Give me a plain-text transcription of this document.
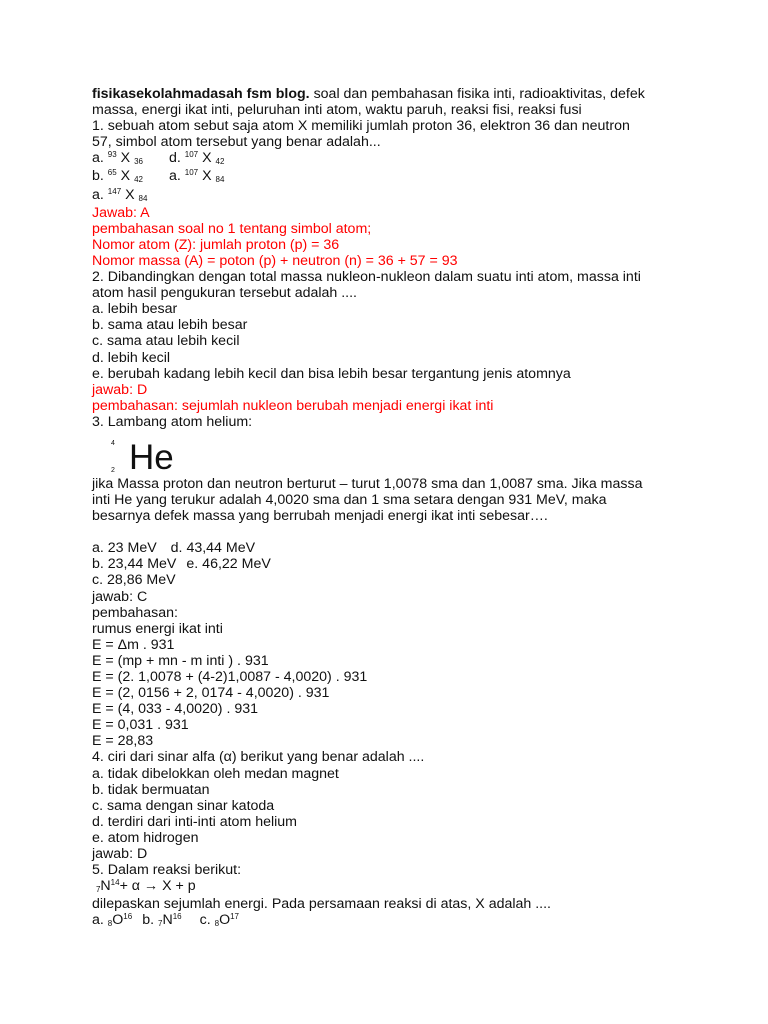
fisikasekolahmadasah fsm blog. soal dan pembahasan fisika inti, radioaktivitas, defek
massa, energi ikat inti, peluruhan inti atom, waktu paruh, reaksi fisi, reaksi fusi
1. sebuah atom sebut saja atom X memiliki jumlah proton 36, elektron 36 dan neutron
57, simbol atom tersebut yang benar adalah...
a. $^{93}$ X 36 d. $^{107}$ X 42
b. $^{65}$ X 42 a. $^{107}$ X 84
a. $^{147}$ X 84
Jawab: A
pembahasan soal no 1 tentang simbol atom;
Nomor atom (Z): jumlah proton (p) = 36
Nomor massa (A) = poton (p) + neutron (n) = 36 + 57 = 93
2. Dibandingkan dengan total massa nukleon-nukleon dalam suatu inti atom, massa inti
atom hasil pengukuran tersebut adalah ....
a. lebih besar
b. sama atau lebih besar
c. sama atau lebih kecil
d. lebih kecil
e. berubah kadang lebih kecil dan bisa lebih besar tergantung jenis atomnya
jawab: D
pembahasan: sejumlah nukleon berubah menjadi energi ikat inti
3. Lambang atom helium:
4
2 He
jika Massa proton dan neutron berturut – turut 1,0078 sma dan 1,0087 sma. Jika massa
inti He yang terukur adalah 4,0020 sma dan 1 sma setara dengan 931 MeV, maka
besarnya defek massa yang berrubah menjadi energi ikat inti sebesar….
a. 23 MeV d. 43,44 MeV
b. 23,44 MeV e. 46,22 MeV
c. 28,86 MeV
jawab: C
pembahasan:
rumus energi ikat inti
E = Δm . 931
E = (mp + mn - m inti ) . 931
E = (2. 1,0078 + (4-2)1,0087 - 4,0020) . 931
E = (2, 0156 + 2, 0174 - 4,0020) . 931
E = (4, 033 - 4,0020) . 931
E = 0,031 . 931
E = 28,83
4. ciri dari sinar alfa (α) berikut yang benar adalah ....
a. tidak dibelokkan oleh medan magnet
b. tidak bermuatan
c. sama dengan sinar katoda
d. terdiri dari inti-inti atom helium
e. atom hidrogen
jawab: D
5. Dalam reaksi berikut:
$7N^{14}+ \alpha \to X + p$
dilepaskan sejumlah energi. Pada persamaan reaksi di atas, X adalah ....
a. $8O^{16}$ b. $7N^{16}$ c. $8O^{17}$
